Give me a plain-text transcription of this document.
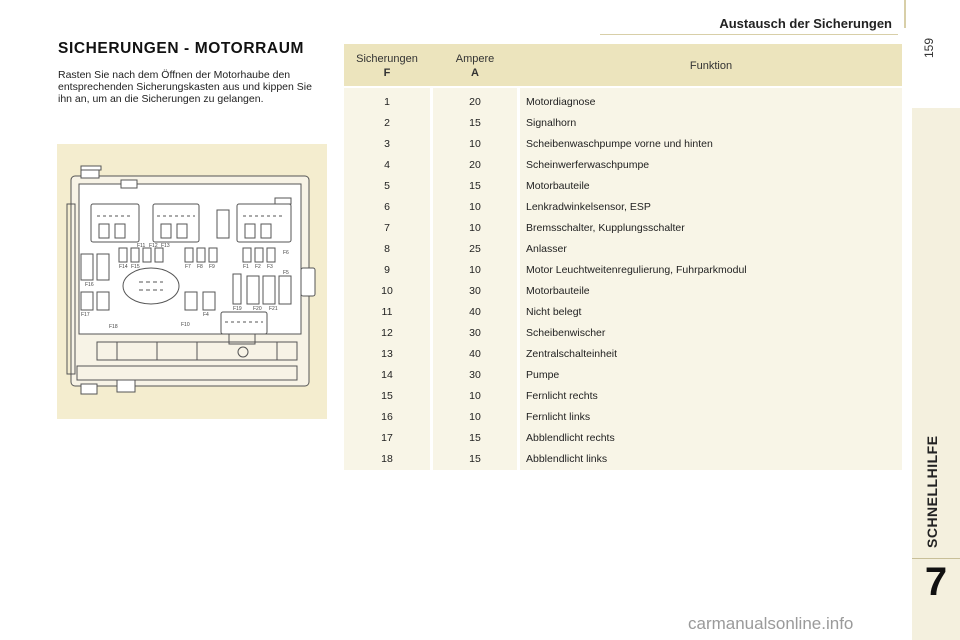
Austausch der Sicherungen
159
SCHNELLHILFE
7
SICHERUNGEN - MOTORRAUM
Rasten Sie nach dem Öffnen der Motorhaube den entsprechenden Sicherungskasten aus und kippen Sie ihn an, um an die Sicherungen zu gelangen.
F11 F12 F13
F14 F15
F16
F7 F8 F9	F1 F2 F3
F17
F18
F4
F10
F19 F20 F21
F5
F6
Sicherungen
F
Ampere
A
Funktion
1	20	Motordiagnose
2	15	Signalhorn
3	10	Scheibenwaschpumpe vorne und hinten
4	20	Scheinwerferwaschpumpe
5	15	Motorbauteile
6	10	Lenkradwinkelsensor, ESP
7	10	Bremsschalter, Kupplungsschalter
8	25	Anlasser
9	10	Motor Leuchtweitenregulierung, Fuhrparkmodul
10	30	Motorbauteile
11	40	Nicht belegt
12	30	Scheibenwischer
13	40	Zentralschalteinheit
14	30	Pumpe
15	10	Fernlicht rechts
16	10	Fernlicht links
17	15	Abblendlicht rechts
18	15	Abblendlicht links
carmanualsonline.info
